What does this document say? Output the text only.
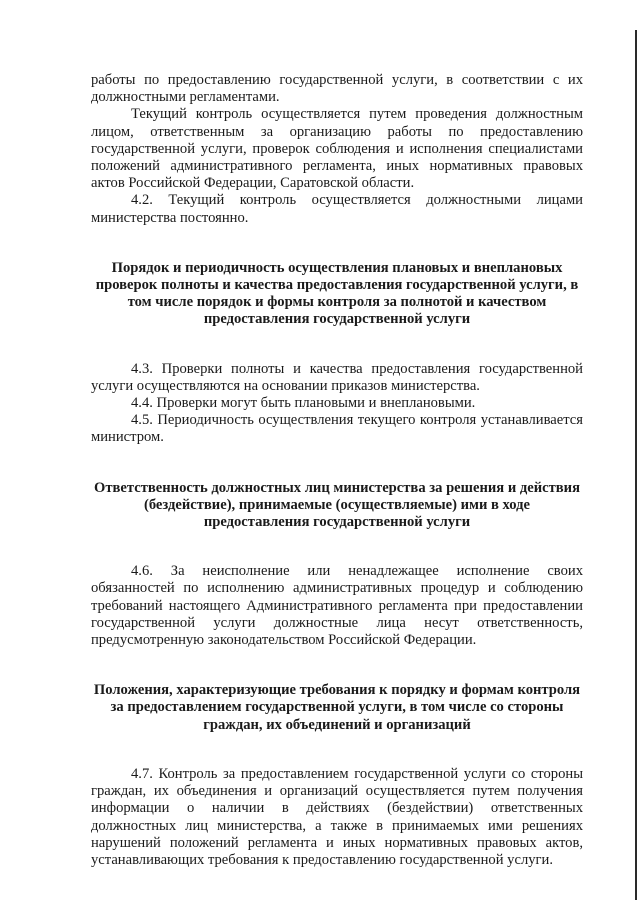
работы по предоставлению государственной услуги, в соответствии с их должностными регламентами.

Текущий контроль осуществляется путем проведения должностным лицом, ответственным за организацию работы по предоставлению государственной услуги, проверок соблюдения и исполнения специалистами положений административного регламента, иных нормативных правовых актов Российской Федерации, Саратовской области.

4.2. Текущий контроль осуществляется должностными лицами министерства постоянно.

Порядок и периодичность осуществления плановых и внеплановых проверок полноты и качества предоставления государственной услуги, в том числе порядок и формы контроля за полнотой и качеством предоставления государственной услуги

4.3. Проверки полноты и качества предоставления государственной услуги осуществляются на основании приказов министерства.

4.4. Проверки могут быть плановыми и внеплановыми.

4.5. Периодичность осуществления текущего контроля устанавливается министром.

Ответственность должностных лиц министерства за решения и действия (бездействие), принимаемые (осуществляемые) ими в ходе предоставления государственной услуги

4.6. За неисполнение или ненадлежащее исполнение своих обязанностей по исполнению административных процедур и соблюдению требований настоящего Административного регламента при предоставлении государственной услуги должностные лица несут ответственность, предусмотренную законодательством Российской Федерации.

Положения, характеризующие требования к порядку и формам контроля за предоставлением государственной услуги, в том числе со стороны граждан, их объединений и организаций

4.7. Контроль за предоставлением государственной услуги со стороны граждан, их объединения и организаций осуществляется путем получения информации о наличии в действиях (бездействии) ответственных должностных лиц министерства, а также в принимаемых ими решениях нарушений положений регламента и иных нормативных правовых актов, устанавливающих требования к предоставлению государственной услуги.
